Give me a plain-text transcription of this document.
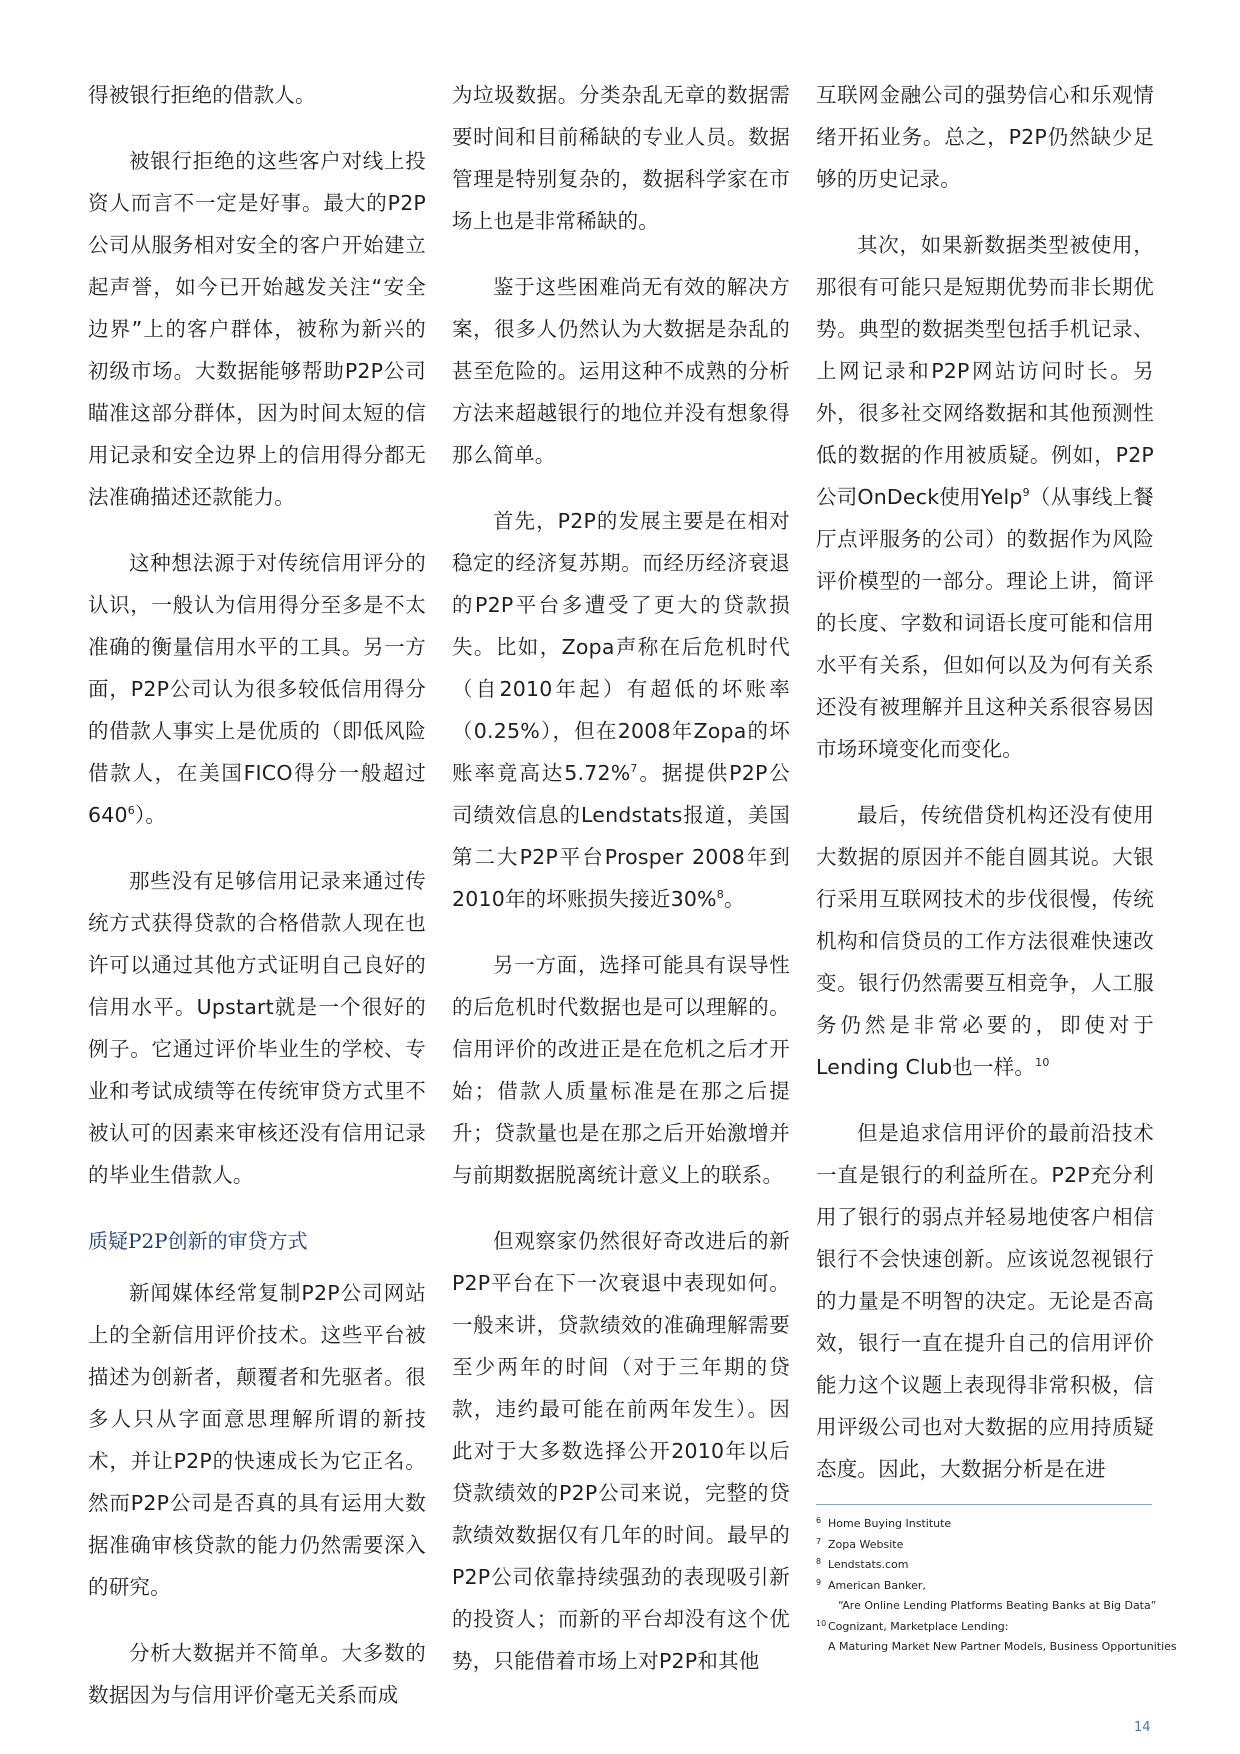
得被银行拒绝的借款人。

被银行拒绝的这些客户对线上投资人而言不一定是好事。最大的P2P公司从服务相对安全的客户开始建立起声誉，如今已开始越发关注“安全边界”上的客户群体，被称为新兴的初级市场。大数据能够帮助P2P公司瞄准这部分群体，因为时间太短的信用记录和安全边界上的信用得分都无法准确描述还款能力。

这种想法源于对传统信用评分的认识，一般认为信用得分至多是不太准确的衡量信用水平的工具。另一方面，P2P公司认为很多较低信用得分的借款人事实上是优质的（即低风险借款人，在美国FICO得分一般超过$640^6$）。

那些没有足够信用记录来通过传统方式获得贷款的合格借款人现在也许可以通过其他方式证明自己良好的信用水平。Upstart就是一个很好的例子。它通过评价毕业生的学校、专业和考试成绩等在传统审贷方式里不被认可的因素来审核还没有信用记录的毕业生借款人。

质疑P2P创新的审贷方式

新闻媒体经常复制P2P公司网站上的全新信用评价技术。这些平台被描述为创新者，颠覆者和先驱者。很多人只从字面意思理解所谓的新技术，并让P2P的快速成长为它正名。然而P2P公司是否真的具有运用大数据准确审核贷款的能力仍然需要深入的研究。

分析大数据并不简单。大多数的数据因为与信用评价毫无关系而成

为垃圾数据。分类杂乱无章的数据需要时间和目前稀缺的专业人员。数据管理是特别复杂的，数据科学家在市场上也是非常稀缺的。

鉴于这些困难尚无有效的解决方案，很多人仍然认为大数据是杂乱的甚至危险的。运用这种不成熟的分析方法来超越银行的地位并没有想象得那么简单。

首先，P2P的发展主要是在相对稳定的经济复苏期。而经历经济衰退的P2P平台多遭受了更大的贷款损失。比如，Zopa声称在后危机时代（自2010年起）有超低的坏账率（0.25%），但在2008年Zopa的坏账率竟高达5.72%$^7$。据提供P2P公司绩效信息的Lendstats报道，美国第二大P2P平台Prosper 2008年到2010年的坏账损失接近30%$^8$。

另一方面，选择可能具有误导性的后危机时代数据也是可以理解的。信用评价的改进正是在危机之后才开始；借款人质量标准是在那之后提升；贷款量也是在那之后开始激增并与前期数据脱离统计意义上的联系。

但观察家仍然很好奇改进后的新P2P平台在下一次衰退中表现如何。一般来讲，贷款绩效的准确理解需要至少两年的时间（对于三年期的贷款，违约最可能在前两年发生）。因此对于大多数选择公开2010年以后贷款绩效的P2P公司来说，完整的贷款绩效数据仅有几年的时间。最早的P2P公司依靠持续强劲的表现吸引新的投资人；而新的平台却没有这个优势，只能借着市场上对P2P和其他

互联网金融公司的强势信心和乐观情绪开拓业务。总之，P2P仍然缺少足够的历史记录。

其次，如果新数据类型被使用，那很有可能只是短期优势而非长期优势。典型的数据类型包括手机记录、上网记录和P2P网站访问时长。另外，很多社交网络数据和其他预测性低的数据的作用被质疑。例如，P2P公司OnDeck使用Yelp$^9$（从事线上餐厅点评服务的公司）的数据作为风险评价模型的一部分。理论上讲，简评的长度、字数和词语长度可能和信用水平有关系，但如何以及为何有关系还没有被理解并且这种关系很容易因市场环境变化而变化。

最后，传统借贷机构还没有使用大数据的原因并不能自圆其说。大银行采用互联网技术的步伐很慢，传统机构和信贷员的工作方法很难快速改变。银行仍然需要互相竞争，人工服务仍然是非常必要的，即使对于Lending Club也一样。$^{10}$

但是追求信用评价的最前沿技术一直是银行的利益所在。P2P充分利用了银行的弱点并轻易地使客户相信银行不会快速创新。应该说忽视银行的力量是不明智的决定。无论是否高效，银行一直在提升自己的信用评价能力这个议题上表现得非常积极，信用评级公司也对大数据的应用持质疑态度。因此，大数据分析是在进

6 Home Buying Institute
7 Zopa Website
8 Lendstats.com
9 American Banker,
“Are Online Lending Platforms Beating Banks at Big Data”
10 Cognizant, Marketplace Lending:
A Maturing Market New Partner Models, Business Opportunities
14
